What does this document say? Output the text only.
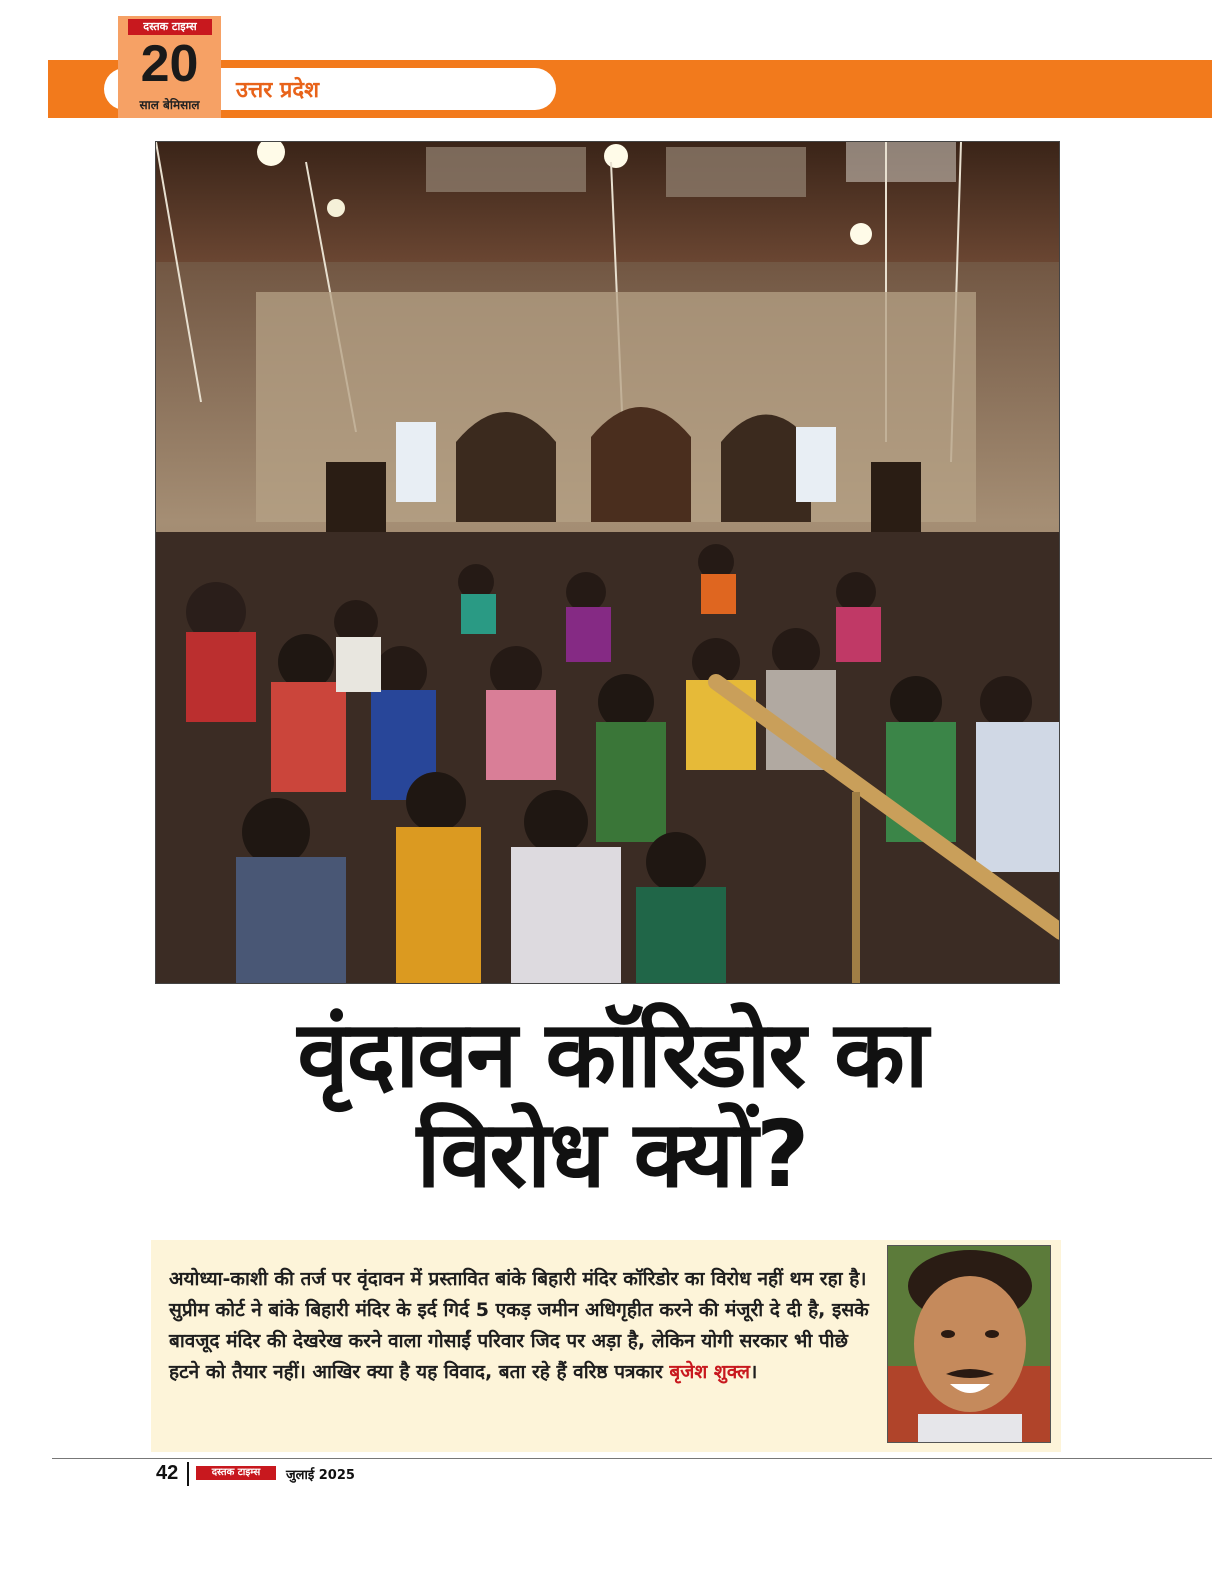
उत्तर प्रदेश
दस्तक टाइम्स
20
साल बेमिसाल
वृंदावन कॉरिडोर का
विरोध क्यों?
अयोध्या-काशी की तर्ज पर वृंदावन में प्रस्तावित बांके बिहारी मंदिर कॉरिडोर का विरोध नहीं थम रहा है। सुप्रीम कोर्ट ने बांके बिहारी मंदिर के इर्द गिर्द 5 एकड़ जमीन अधिगृहीत करने की मंजूरी दे दी है, इसके बावजूद मंदिर की देखरेख करने वाला गोसाईं परिवार जिद पर अड़ा है, लेकिन योगी सरकार भी पीछे हटने को तैयार नहीं। आखिर क्या है यह विवाद, बता रहे हैं वरिष्ठ पत्रकार बृजेश शुक्ल।
42	दस्तक टाइम्स	जुलाई 2025
